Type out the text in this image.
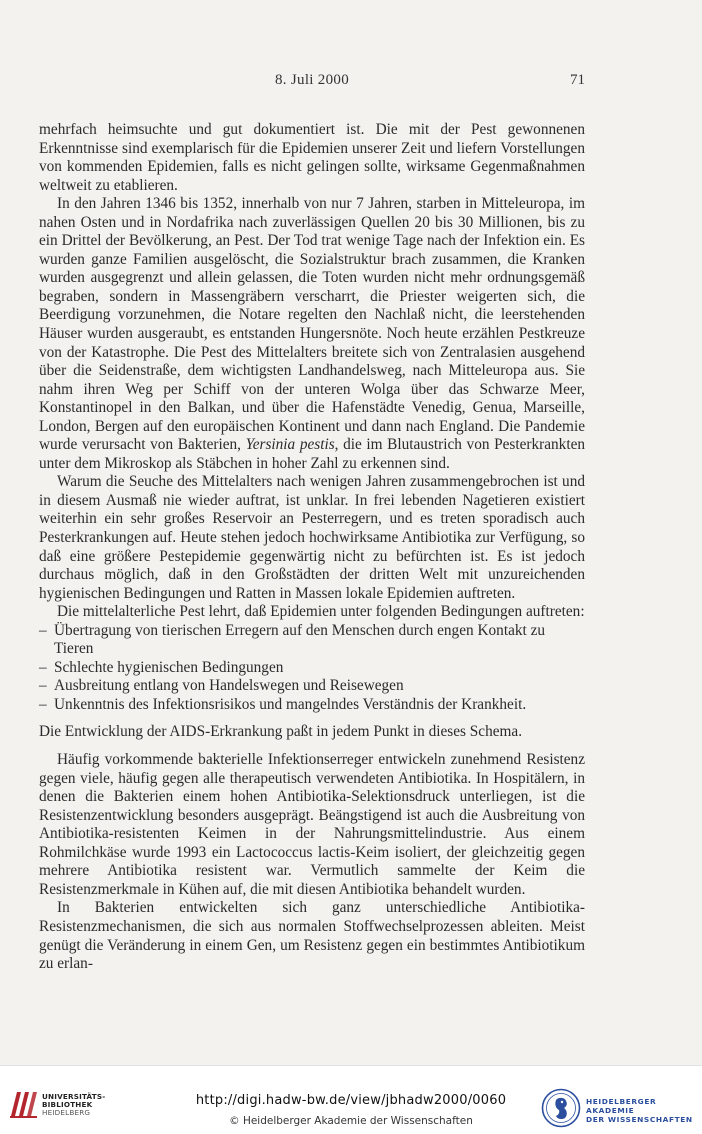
8. Juli 2000	71

mehrfach heimsuchte und gut dokumentiert ist. Die mit der Pest gewonnenen Erkenntnisse sind exemplarisch für die Epidemien unserer Zeit und liefern Vorstellungen von kommenden Epidemien, falls es nicht gelingen sollte, wirksame Gegenmaßnahmen weltweit zu etablieren.

In den Jahren 1346 bis 1352, innerhalb von nur 7 Jahren, starben in Mitteleuropa, im nahen Osten und in Nordafrika nach zuverlässigen Quellen 20 bis 30 Millionen, bis zu ein Drittel der Bevölkerung, an Pest. Der Tod trat wenige Tage nach der Infektion ein. Es wurden ganze Familien ausgelöscht, die Sozialstruktur brach zusammen, die Kranken wurden ausgegrenzt und allein gelassen, die Toten wurden nicht mehr ordnungsgemäß begraben, sondern in Massengräbern verscharrt, die Priester weigerten sich, die Beerdigung vorzunehmen, die Notare regelten den Nachlaß nicht, die leerstehenden Häuser wurden ausgeraubt, es entstanden Hungersnöte. Noch heute erzählen Pestkreuze von der Katastrophe. Die Pest des Mittelalters breitete sich von Zentralasien ausgehend über die Seidenstraße, dem wichtigsten Landhandelsweg, nach Mitteleuropa aus. Sie nahm ihren Weg per Schiff von der unteren Wolga über das Schwarze Meer, Konstantinopel in den Balkan, und über die Hafenstädte Venedig, Genua, Marseille, London, Bergen auf den europäischen Kontinent und dann nach England. Die Pandemie wurde verursacht von Bakterien, Yersinia pestis, die im Blutaustrich von Pesterkrankten unter dem Mikroskop als Stäbchen in hoher Zahl zu erkennen sind.

Warum die Seuche des Mittelalters nach wenigen Jahren zusammengebrochen ist und in diesem Ausmaß nie wieder auftrat, ist unklar. In frei lebenden Nagetieren existiert weiterhin ein sehr großes Reservoir an Pesterregern, und es treten sporadisch auch Pesterkrankungen auf. Heute stehen jedoch hochwirksame Antibiotika zur Verfügung, so daß eine größere Pestepidemie gegenwärtig nicht zu befürchten ist. Es ist jedoch durchaus möglich, daß in den Großstädten der dritten Welt mit unzureichenden hygienischen Bedingungen und Ratten in Massen lokale Epidemien auftreten.

Die mittelalterliche Pest lehrt, daß Epidemien unter folgenden Bedingungen auftreten:

– Übertragung von tierischen Erregern auf den Menschen durch engen Kontakt zu Tieren
– Schlechte hygienischen Bedingungen
– Ausbreitung entlang von Handelswegen und Reisewegen
– Unkenntnis des Infektionsrisikos und mangelndes Verständnis der Krankheit.

Die Entwicklung der AIDS-Erkrankung paßt in jedem Punkt in dieses Schema.

Häufig vorkommende bakterielle Infektionserreger entwickeln zunehmend Resistenz gegen viele, häufig gegen alle therapeutisch verwendeten Antibiotika. In Hospitälern, in denen die Bakterien einem hohen Antibiotika-Selektionsdruck unterliegen, ist die Resistenzentwicklung besonders ausgeprägt. Beängstigend ist auch die Ausbreitung von Antibiotika-resistenten Keimen in der Nahrungsmittelindustrie. Aus einem Rohmilchkäse wurde 1993 ein Lactococcus lactis-Keim isoliert, der gleichzeitig gegen mehrere Antibiotika resistent war. Vermutlich sammelte der Keim die Resistenzmerkmale in Kühen auf, die mit diesen Antibiotika behandelt wurden.

In Bakterien entwickelten sich ganz unterschiedliche Antibiotika-Resistenzmechanismen, die sich aus normalen Stoffwechselprozessen ableiten. Meist genügt die Veränderung in einem Gen, um Resistenz gegen ein bestimmtes Antibiotikum zu erlan-

UNIVERSITÄTS-
BIBLIOTHEK
HEIDELBERG
http://digi.hadw-bw.de/view/jbhadw2000/0060
© Heidelberger Akademie der Wissenschaften
HEIDELBERGER AKADEMIE
DER WISSENSCHAFTEN
